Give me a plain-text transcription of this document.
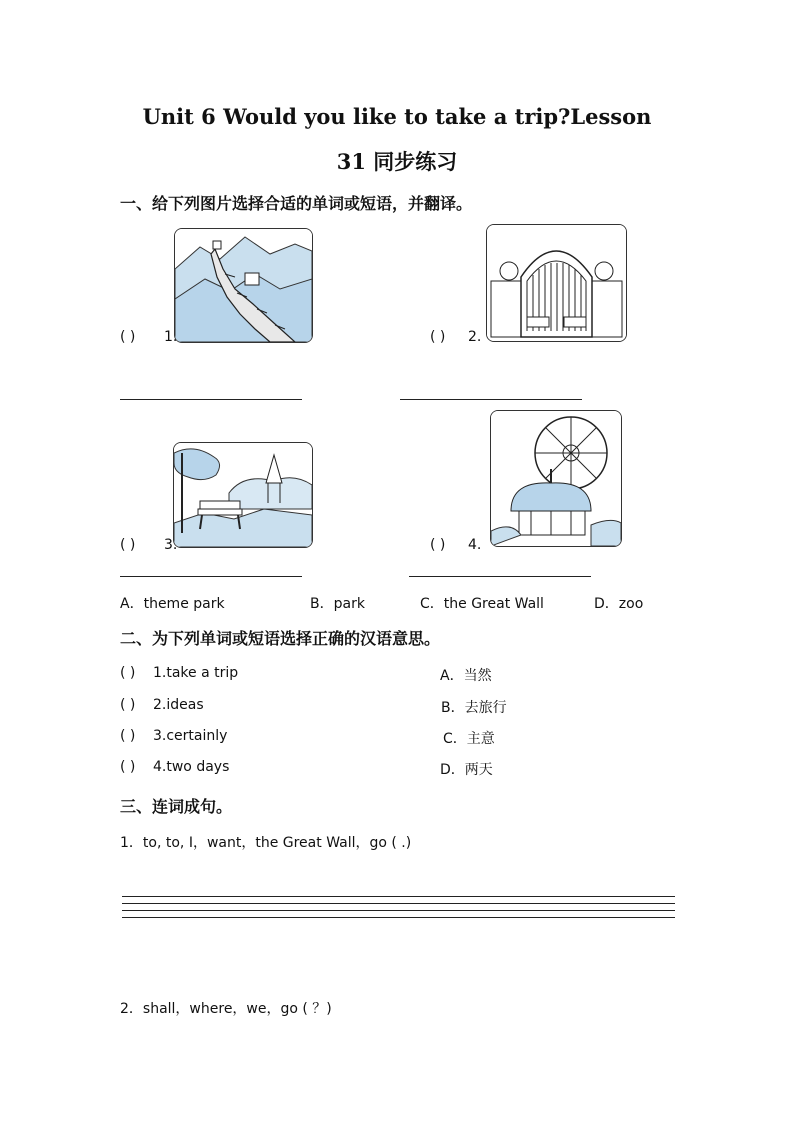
Unit 6 Would you like to take a trip?Lesson
31 同步练习
一、给下列图片选择合适的单词或短语，并翻译。
( ) 1.	( ) 2.
( ) 3.	( ) 4.
A．theme park	B．park	C．the Great Wall	D．zoo
二、为下列单词或短语选择正确的汉语意思。
( ) 1.take a trip	A．当然
( ) 2.ideas	B．去旅行
( ) 3.certainly	C．主意
( ) 4.two days	D．两天
三、连词成句。
1．to, to, I，want，the Great Wall，go ( .)
2．shall，where，we，go ( ？)
